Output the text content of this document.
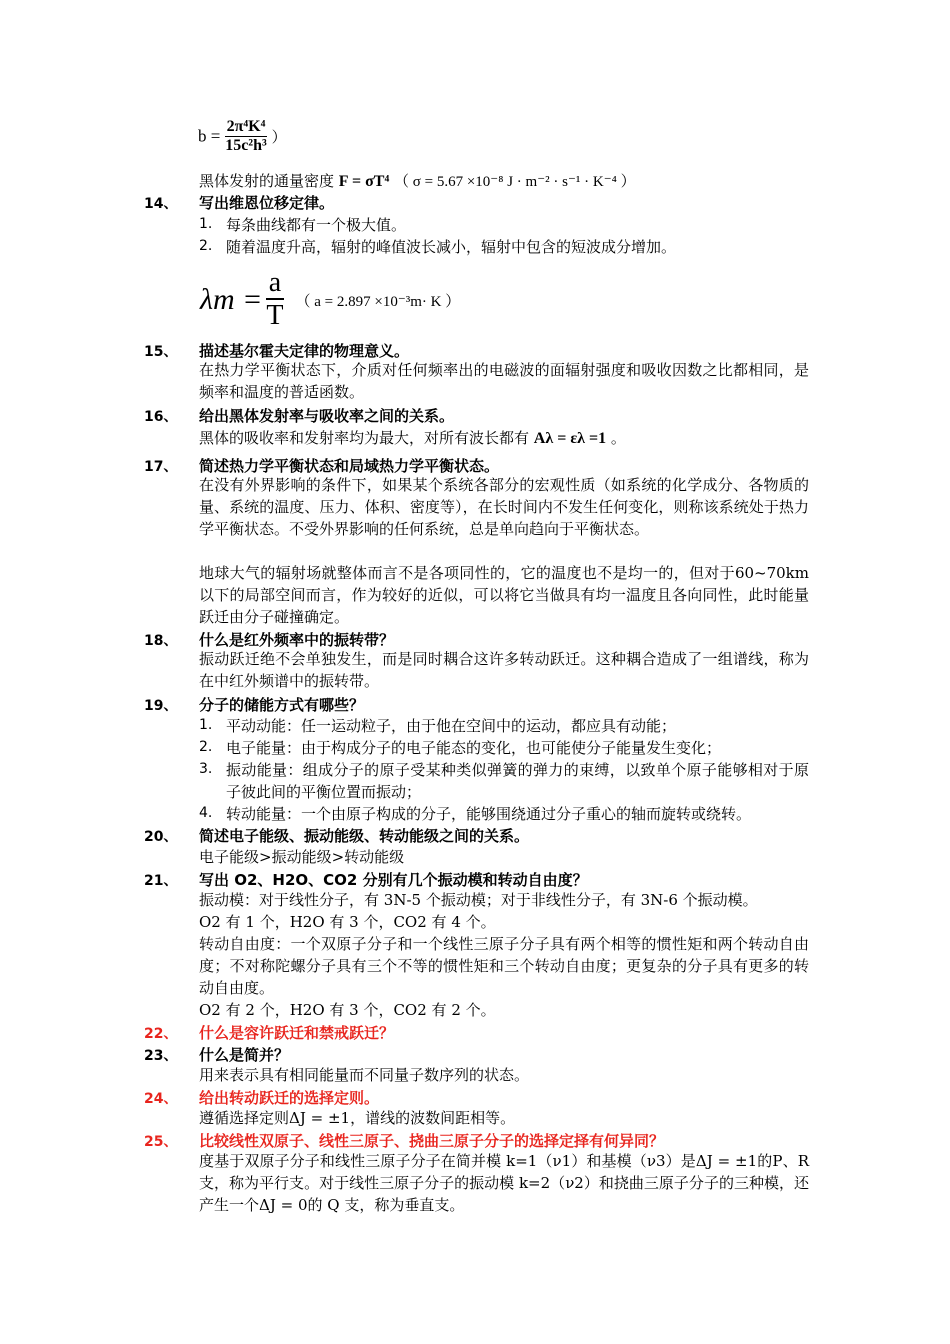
$b = \frac{\text{2π⁴K⁴}}{\text{15c²h³}}$ ）
黑体发射的通量密度 F = σT⁴ （ σ = 5.67 ×10⁻⁸ J · m⁻² · s⁻¹ · K⁻⁴ ）
14、 写出维恩位移定律。
1. 每条曲线都有一个极大值。
2. 随着温度升高，辐射的峰值波长减小，辐射中包含的短波成分增加。
$\lambda m = \frac{a}{T}$ （ a = 2.897 ×10⁻³m· K ）
15、 描述基尔霍夫定律的物理意义。
在热力学平衡状态下，介质对任何频率出的电磁波的面辐射强度和吸收因数之比都相同，是频率和温度的普适函数。
16、 给出黑体发射率与吸收率之间的关系。
黑体的吸收率和发射率均为最大，对所有波长都有 Aλ = ελ =1 。
17、 简述热力学平衡状态和局域热力学平衡状态。
在没有外界影响的条件下，如果某个系统各部分的宏观性质（如系统的化学成分、各物质的量、系统的温度、压力、体积、密度等），在长时间内不发生任何变化，则称该系统处于热力学平衡状态。不受外界影响的任何系统，总是单向趋向于平衡状态。
地球大气的辐射场就整体而言不是各项同性的，它的温度也不是均一的，但对于60~70km 以下的局部空间而言，作为较好的近似，可以将它当做具有均一温度且各向同性，此时能量跃迁由分子碰撞确定。
18、 什么是红外频率中的振转带？
振动跃迁绝不会单独发生，而是同时耦合这许多转动跃迁。这种耦合造成了一组谱线，称为在中红外频谱中的振转带。
19、 分子的储能方式有哪些？
1. 平动动能：任一运动粒子，由于他在空间中的运动，都应具有动能；
2. 电子能量：由于构成分子的电子能态的变化，也可能使分子能量发生变化；
3. 振动能量：组成分子的原子受某种类似弹簧的弹力的束缚，以致单个原子能够相对于原子彼此间的平衡位置而振动；
4. 转动能量：一个由原子构成的分子，能够围绕通过分子重心的轴而旋转或绕转。
20、 简述电子能级、振动能级、转动能级之间的关系。
电子能级>振动能级>转动能级
21、 写出 O2、H2O、CO2 分别有几个振动模和转动自由度？
振动模：对于线性分子，有 3N-5 个振动模；对于非线性分子，有 3N-6 个振动模。
O2 有 1 个，H2O 有 3 个，CO2 有 4 个。
转动自由度：一个双原子分子和一个线性三原子分子具有两个相等的惯性矩和两个转动自由度；不对称陀螺分子具有三个不等的惯性矩和三个转动自由度；更复杂的分子具有更多的转动自由度。
O2 有 2 个，H2O 有 3 个，CO2 有 2 个。
22、 什么是容许跃迁和禁戒跃迁？
23、 什么是简并？
用来表示具有相同能量而不同量子数序列的状态。
24、 给出转动跃迁的选择定则。
遵循选择定则ΔJ = ±1，谱线的波数间距相等。
25、 比较线性双原子、线性三原子、挠曲三原子分子的选择定择有何异同？
度基于双原子分子和线性三原子分子在简并模 k=1（ν1）和基模（ν3）是ΔJ = ±1的P、R 支，称为平行支。对于线性三原子分子的振动模 k=2（ν2）和挠曲三原子分子的三种模，还产生一个ΔJ = 0的 Q 支，称为垂直支。
